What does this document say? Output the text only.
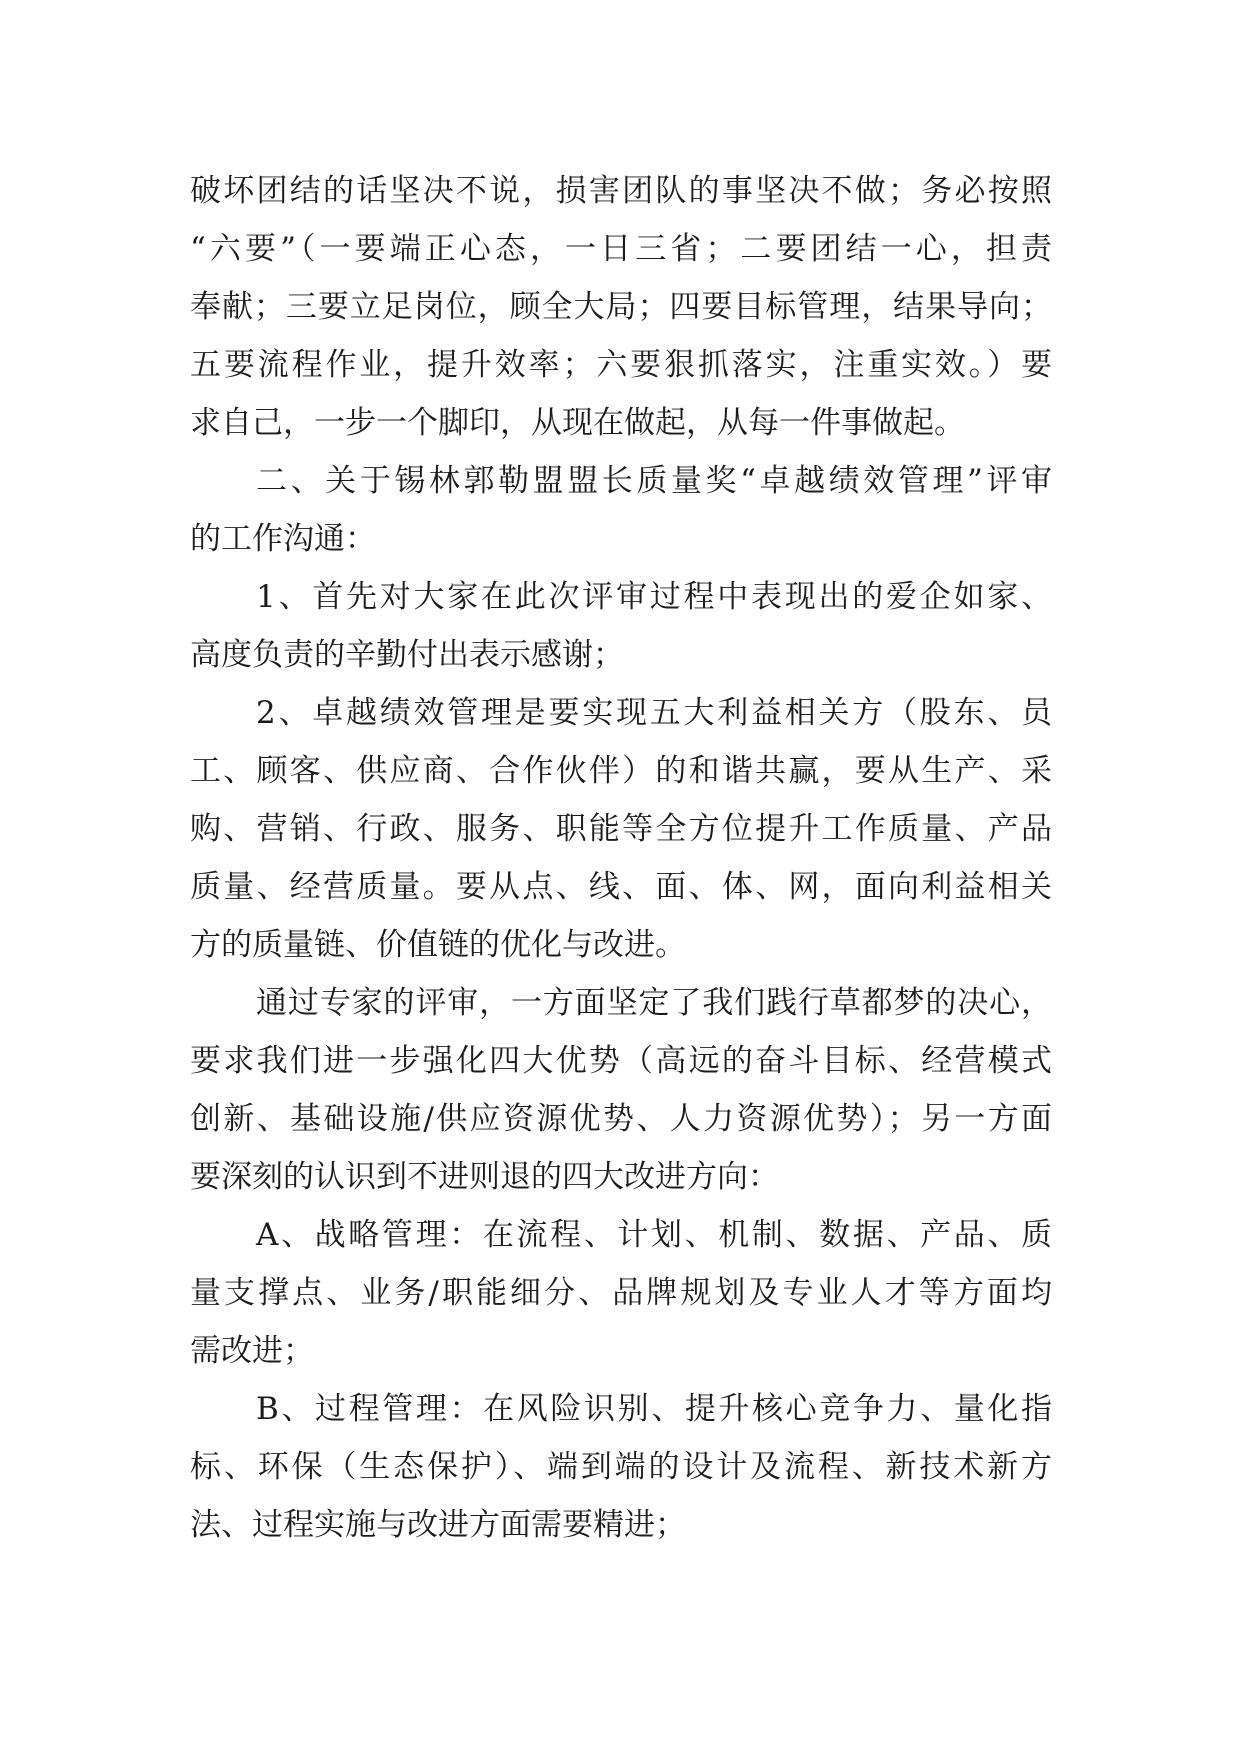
破坏团结的话坚决不说，损害团队的事坚决不做；务必按照
“六要”（一要端正心态，一日三省；二要团结一心，担责
奉献；三要立足岗位，顾全大局；四要目标管理，结果导向；
五要流程作业，提升效率；六要狠抓落实，注重实效。）要
求自己，一步一个脚印，从现在做起，从每一件事做起。
二、关于锡林郭勒盟盟长质量奖“卓越绩效管理”评审
的工作沟通：
1、首先对大家在此次评审过程中表现出的爱企如家、
高度负责的辛勤付出表示感谢；
2、卓越绩效管理是要实现五大利益相关方（股东、员
工、顾客、供应商、合作伙伴）的和谐共赢，要从生产、采
购、营销、行政、服务、职能等全方位提升工作质量、产品
质量、经营质量。要从点、线、面、体、网，面向利益相关
方的质量链、价值链的优化与改进。
通过专家的评审，一方面坚定了我们践行草都梦的决心，
要求我们进一步强化四大优势（高远的奋斗目标、经营模式
创新、基础设施/供应资源优势、人力资源优势）；另一方面
要深刻的认识到不进则退的四大改进方向：
A、战略管理：在流程、计划、机制、数据、产品、质
量支撑点、业务/职能细分、品牌规划及专业人才等方面均
需改进；
B、过程管理：在风险识别、提升核心竞争力、量化指
标、环保（生态保护）、端到端的设计及流程、新技术新方
法、过程实施与改进方面需要精进；
